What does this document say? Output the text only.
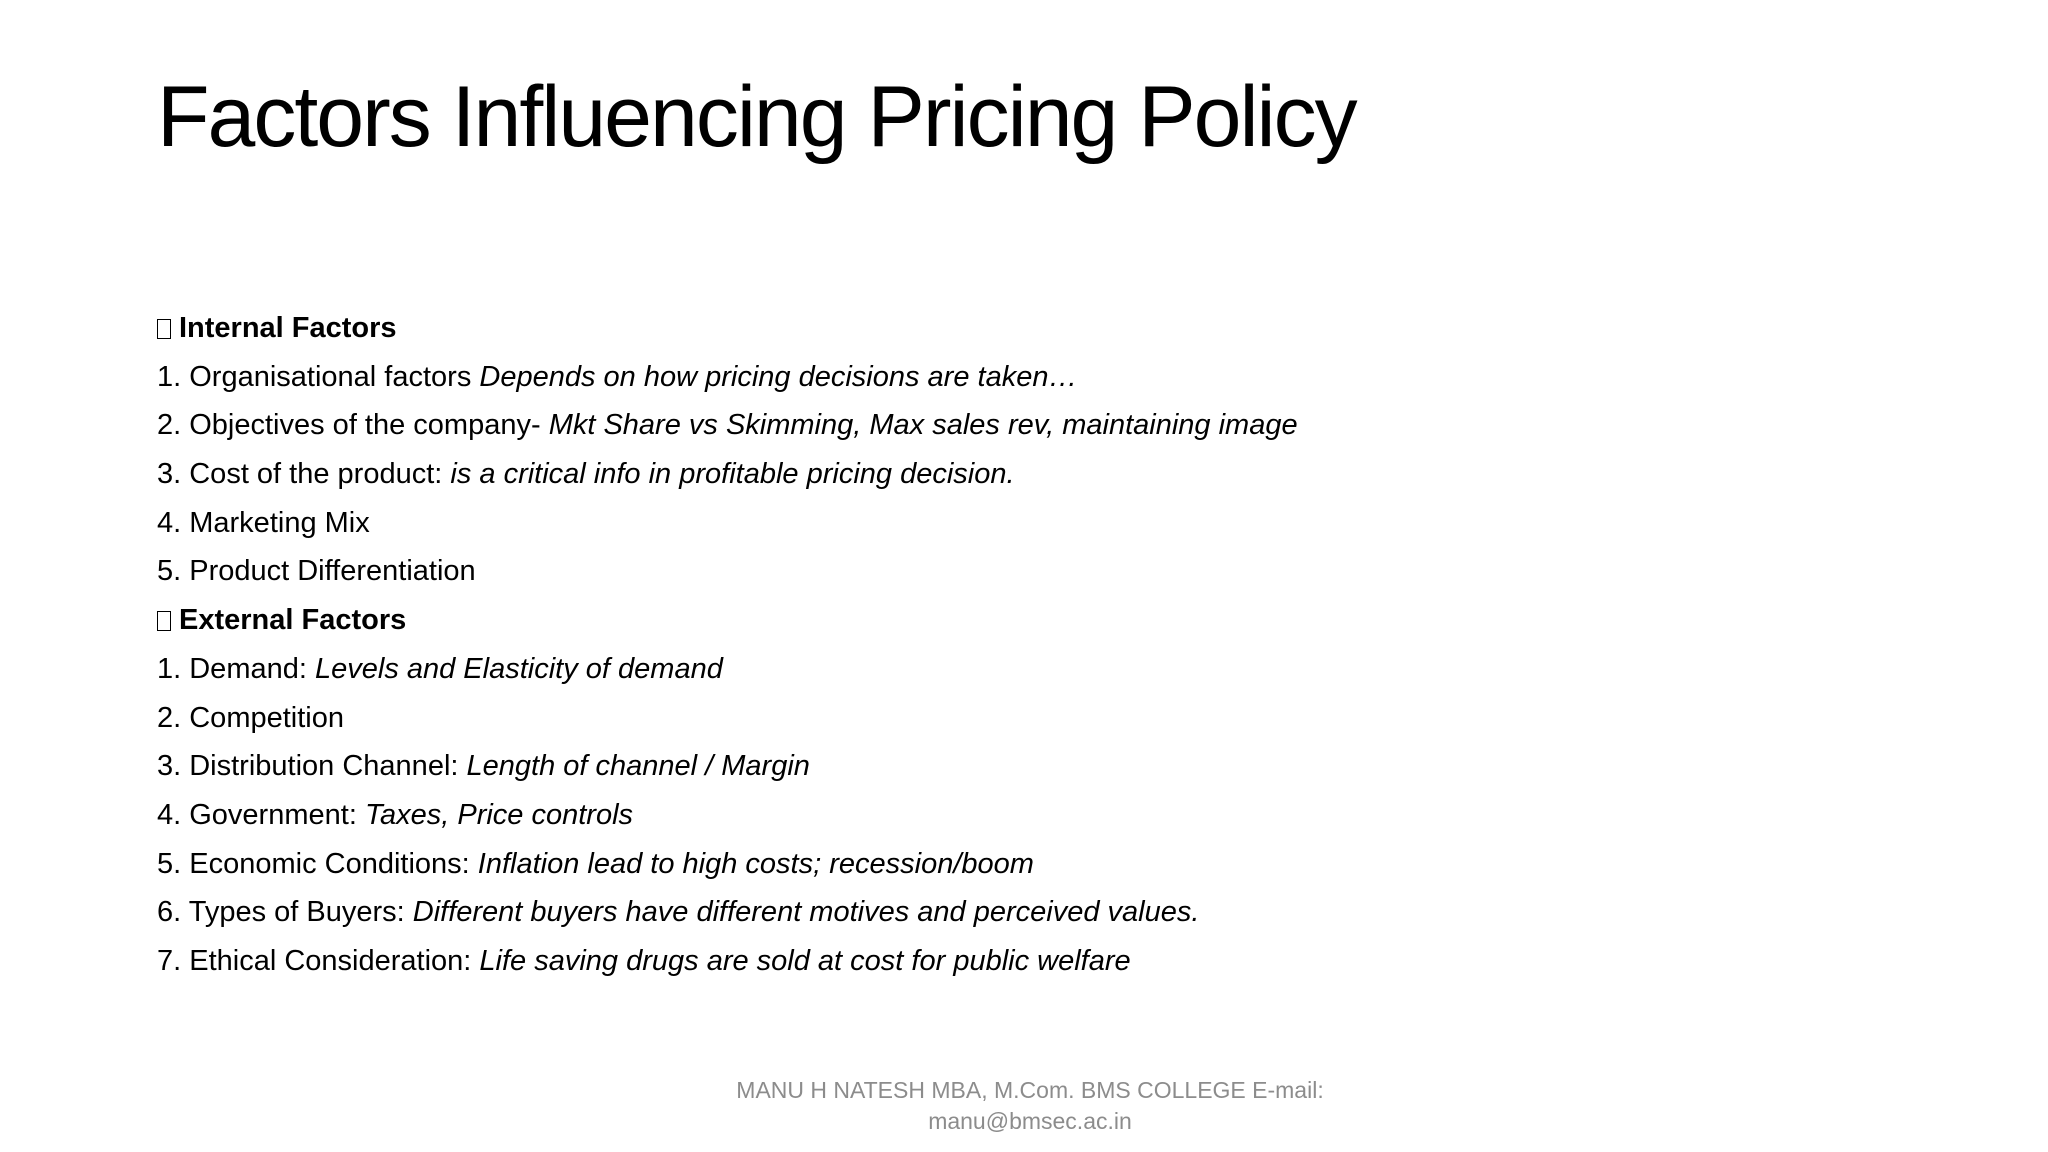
Factors Influencing Pricing Policy
Internal Factors
1. Organisational factors Depends on how pricing decisions are taken…
2. Objectives of the company- Mkt Share vs Skimming, Max sales rev, maintaining image
3. Cost of the product: is a critical info in profitable pricing decision.
4. Marketing Mix
5. Product Differentiation
External Factors
1. Demand: Levels and Elasticity of demand
2. Competition
3. Distribution Channel: Length of channel / Margin
4. Government: Taxes, Price controls
5. Economic Conditions: Inflation lead to high costs; recession/boom
6. Types of Buyers: Different buyers have different motives and perceived values.
7. Ethical Consideration: Life saving drugs are sold at cost for public welfare
MANU H NATESH MBA, M.Com. BMS COLLEGE E-mail:
manu@bmsec.ac.in
